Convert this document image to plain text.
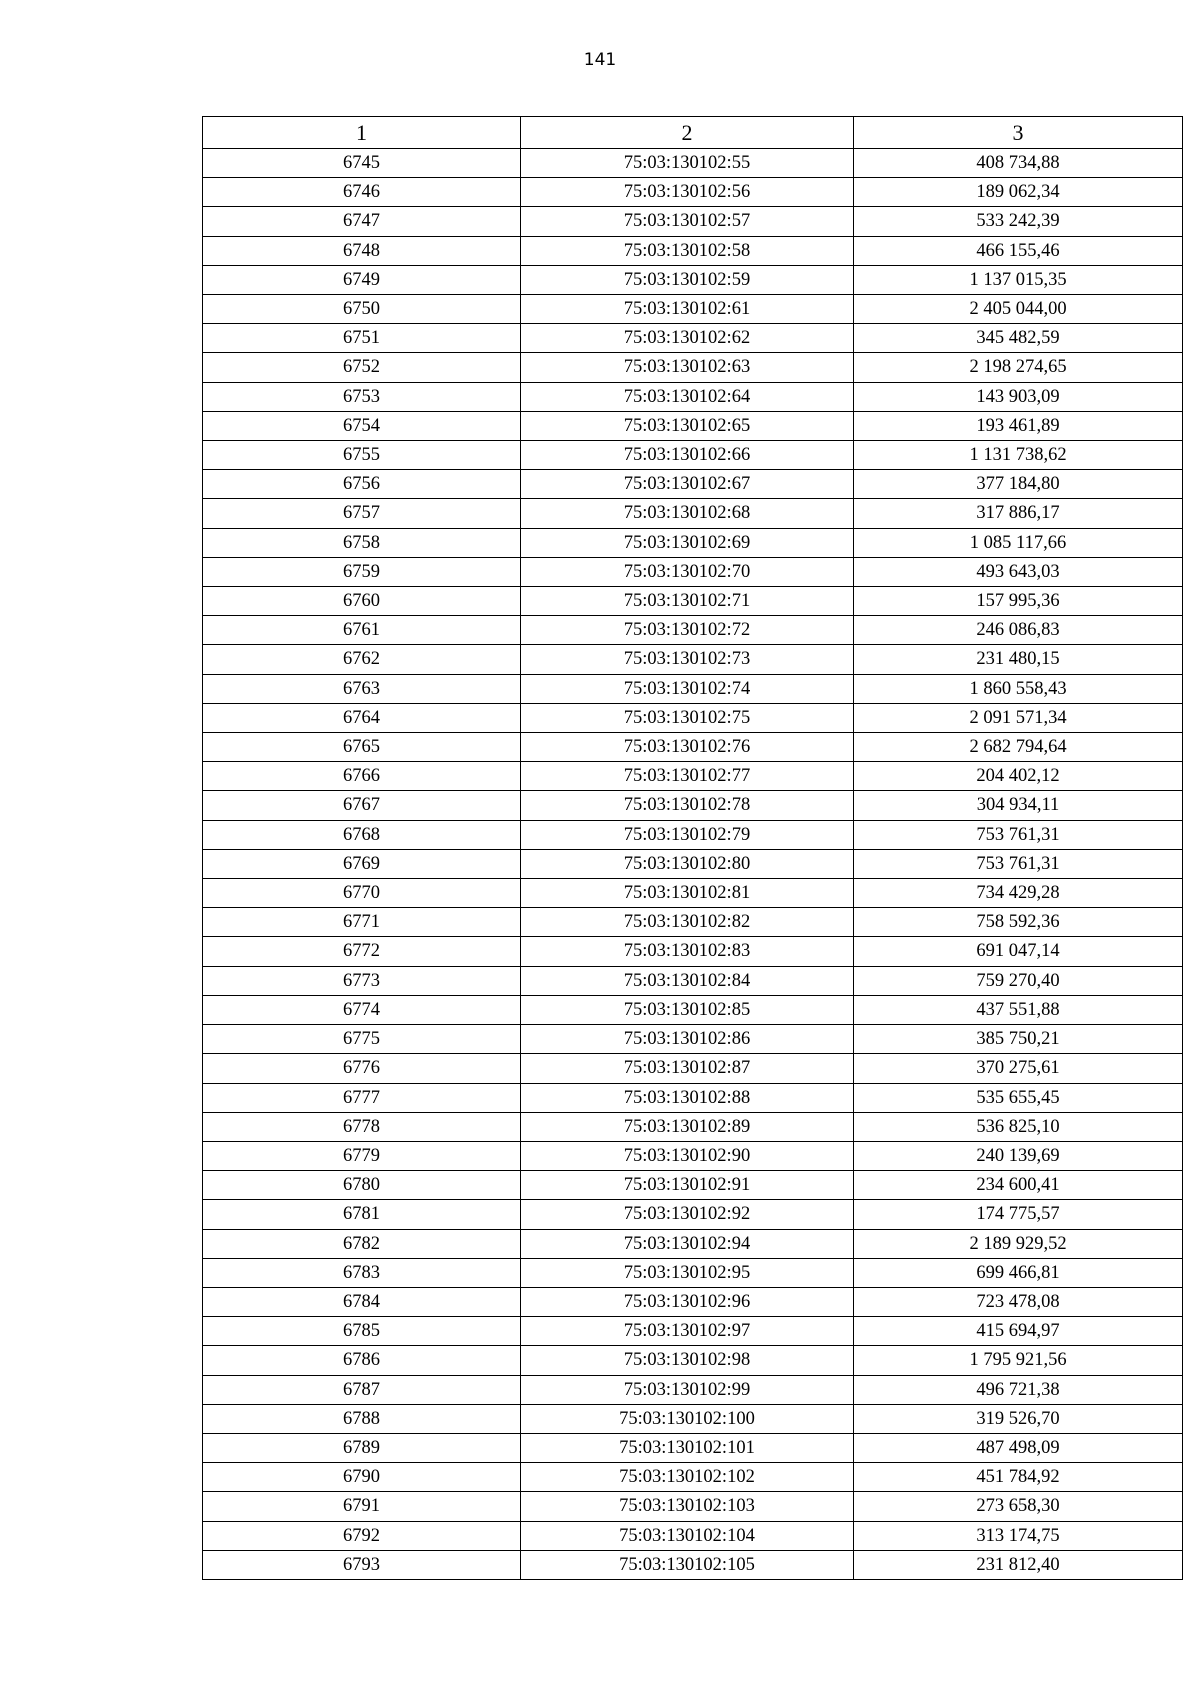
141
1	2	3
6745	75:03:130102:55	408 734,88
6746	75:03:130102:56	189 062,34
6747	75:03:130102:57	533 242,39
6748	75:03:130102:58	466 155,46
6749	75:03:130102:59	1 137 015,35
6750	75:03:130102:61	2 405 044,00
6751	75:03:130102:62	345 482,59
6752	75:03:130102:63	2 198 274,65
6753	75:03:130102:64	143 903,09
6754	75:03:130102:65	193 461,89
6755	75:03:130102:66	1 131 738,62
6756	75:03:130102:67	377 184,80
6757	75:03:130102:68	317 886,17
6758	75:03:130102:69	1 085 117,66
6759	75:03:130102:70	493 643,03
6760	75:03:130102:71	157 995,36
6761	75:03:130102:72	246 086,83
6762	75:03:130102:73	231 480,15
6763	75:03:130102:74	1 860 558,43
6764	75:03:130102:75	2 091 571,34
6765	75:03:130102:76	2 682 794,64
6766	75:03:130102:77	204 402,12
6767	75:03:130102:78	304 934,11
6768	75:03:130102:79	753 761,31
6769	75:03:130102:80	753 761,31
6770	75:03:130102:81	734 429,28
6771	75:03:130102:82	758 592,36
6772	75:03:130102:83	691 047,14
6773	75:03:130102:84	759 270,40
6774	75:03:130102:85	437 551,88
6775	75:03:130102:86	385 750,21
6776	75:03:130102:87	370 275,61
6777	75:03:130102:88	535 655,45
6778	75:03:130102:89	536 825,10
6779	75:03:130102:90	240 139,69
6780	75:03:130102:91	234 600,41
6781	75:03:130102:92	174 775,57
6782	75:03:130102:94	2 189 929,52
6783	75:03:130102:95	699 466,81
6784	75:03:130102:96	723 478,08
6785	75:03:130102:97	415 694,97
6786	75:03:130102:98	1 795 921,56
6787	75:03:130102:99	496 721,38
6788	75:03:130102:100	319 526,70
6789	75:03:130102:101	487 498,09
6790	75:03:130102:102	451 784,92
6791	75:03:130102:103	273 658,30
6792	75:03:130102:104	313 174,75
6793	75:03:130102:105	231 812,40
